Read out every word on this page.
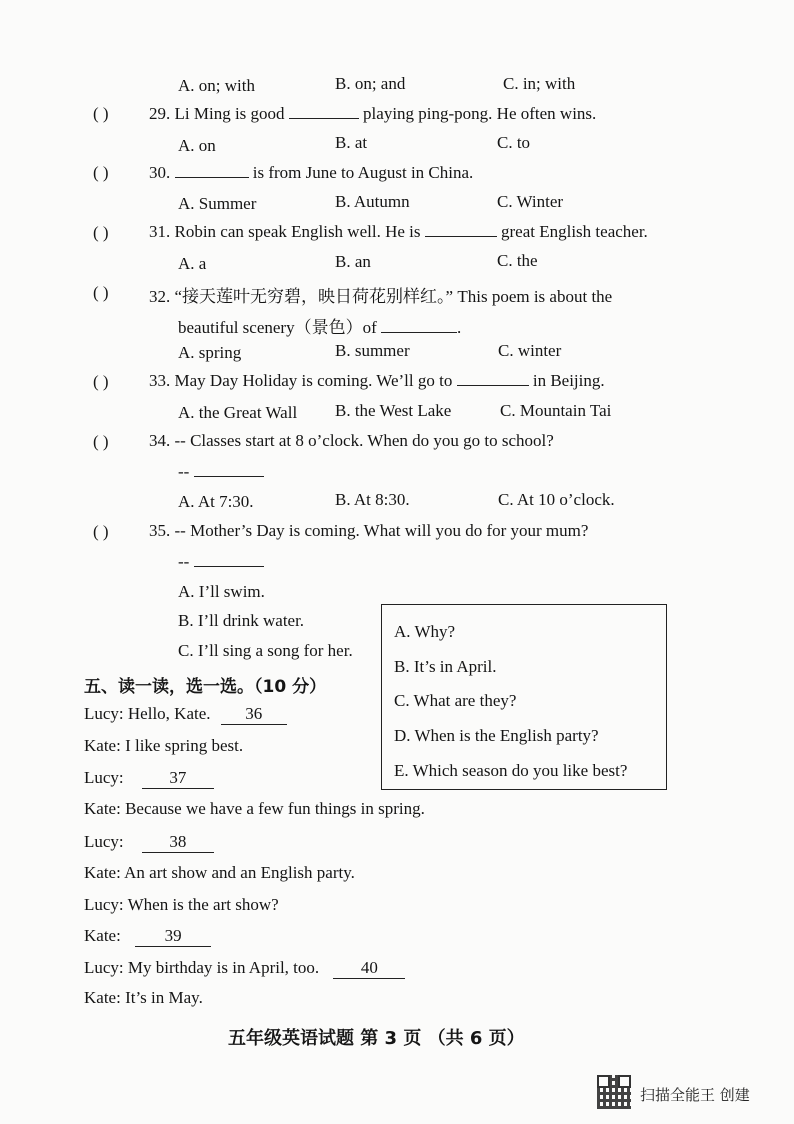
A. on; with	B. on; and	C. in; with
( ) 29. Li Ming is good	playing ping-pong. He often wins.
A. on	B. at	C. to
( ) 30.	is from June to August in China.
A. Summer	B. Autumn	C. Winter
( ) 31. Robin can speak English well. He is	great English teacher.
A. a	B. an	C. the
( ) 32. “接天莲叶无穷碧，映日荷花别样红。” This poem is about the
beautiful scenery（景色）of	.
A. spring	B. summer	C. winter
( ) 33. May Day Holiday is coming. We’ll go to	in Beijing.
A. the Great Wall B. the West Lake	C. Mountain Tai
( ) 34. -- Classes start at 8 o’clock. When do you go to school?
--
A. At 7:30.	B. At 8:30.	C. At 10 o’clock.
( ) 35. -- Mother’s Day is coming. What will you do for your mum?
--
A. I’ll swim.
B. I’ll drink water.
C. I’ll sing a song for her.
五、读一读，选一选。（10 分）
A. Why?
B. It’s in April.
C. What are they?
D. When is the English party?
E. Which season do you like best?
Lucy: Hello, Kate. 36
Kate: I like spring best.
Lucy:	37
Kate: Because we have a few fun things in spring.
Lucy:	38
Kate: An art show and an English party.
Lucy: When is the art show?
Kate:	39
Lucy: My birthday is in April, too. 40
Kate: It’s in May.
五年级英语试题 第 3 页 （共 6 页）
扫描全能王 创建
